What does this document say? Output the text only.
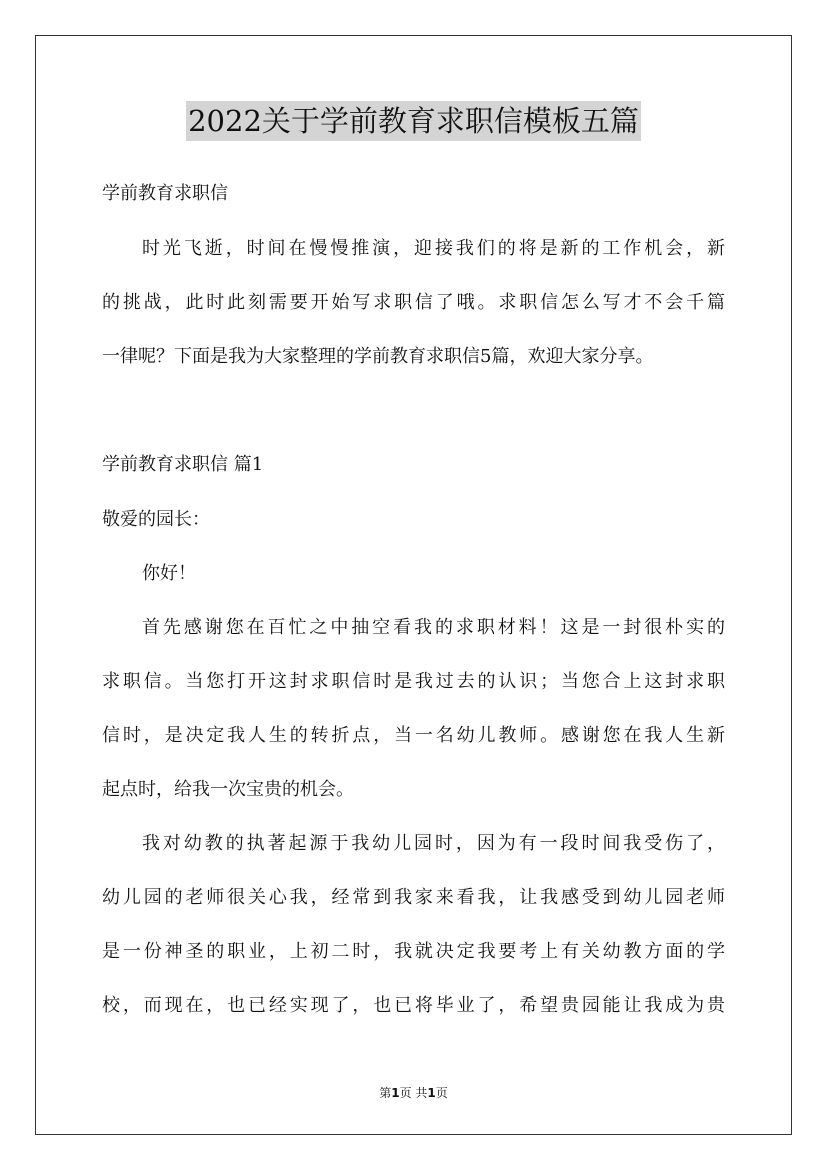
2022关于学前教育求职信模板五篇
学前教育求职信
时光飞逝，时间在慢慢推演，迎接我们的将是新的工作机会，新
的挑战，此时此刻需要开始写求职信了哦。求职信怎么写才不会千篇
一律呢？下面是我为大家整理的学前教育求职信5篇，欢迎大家分享。
学前教育求职信 篇1
敬爱的园长：
你好！
首先感谢您在百忙之中抽空看我的求职材料！这是一封很朴实的
求职信。当您打开这封求职信时是我过去的认识；当您合上这封求职
信时，是决定我人生的转折点，当一名幼儿教师。感谢您在我人生新
起点时，给我一次宝贵的机会。
我对幼教的执著起源于我幼儿园时，因为有一段时间我受伤了，
幼儿园的老师很关心我，经常到我家来看我，让我感受到幼儿园老师
是一份神圣的职业，上初二时，我就决定我要考上有关幼教方面的学
校，而现在，也已经实现了，也已将毕业了，希望贵园能让我成为贵
第1页 共1页
